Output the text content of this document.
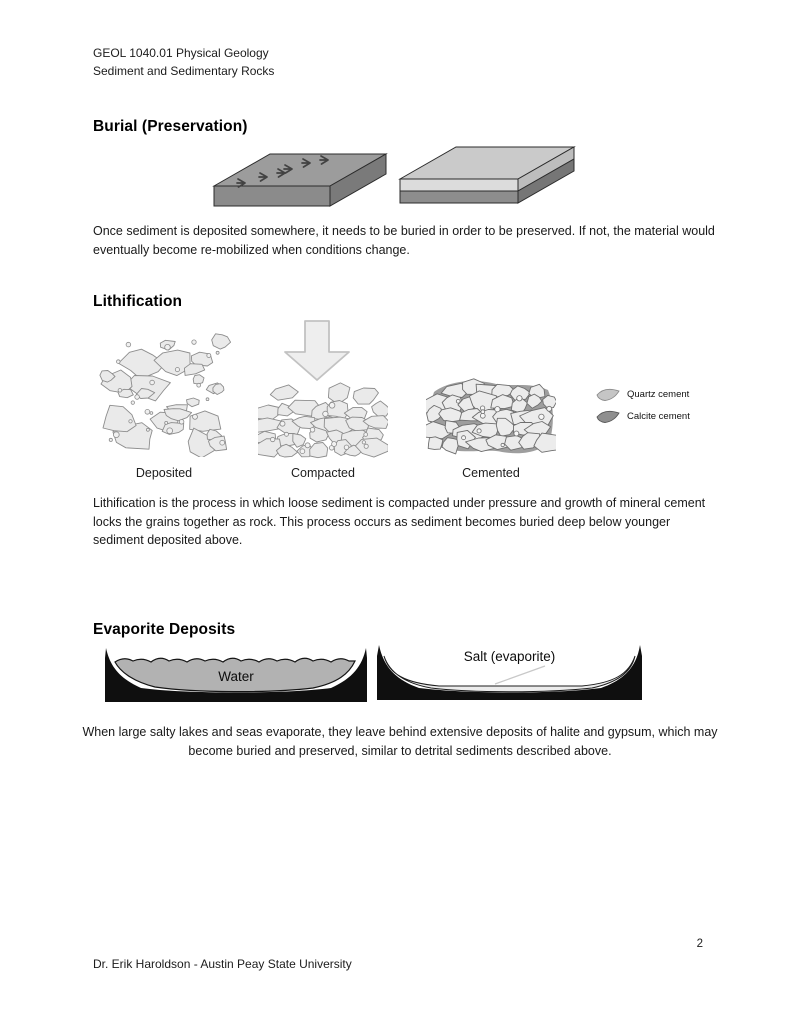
GEOL 1040.01 Physical Geology
Sediment and Sedimentary Rocks
Burial (Preservation)
Once sediment is deposited somewhere, it needs to be buried in order to be preserved. If not, the material would eventually become re-mobilized when conditions change.
Lithification
Quartz cement
Calcite cement
Deposited	Compacted	Cemented
Lithification is the process in which loose sediment is compacted under pressure and growth of mineral cement locks the grains together as rock. This process occurs as sediment becomes buried deep below younger sediment deposited above.
Evaporite Deposits
Water
Salt (evaporite)
When large salty lakes and seas evaporate, they leave behind extensive deposits of halite and gypsum, which may become buried and preserved, similar to detrital sediments described above.
2
Dr. Erik Haroldson - Austin Peay State University
